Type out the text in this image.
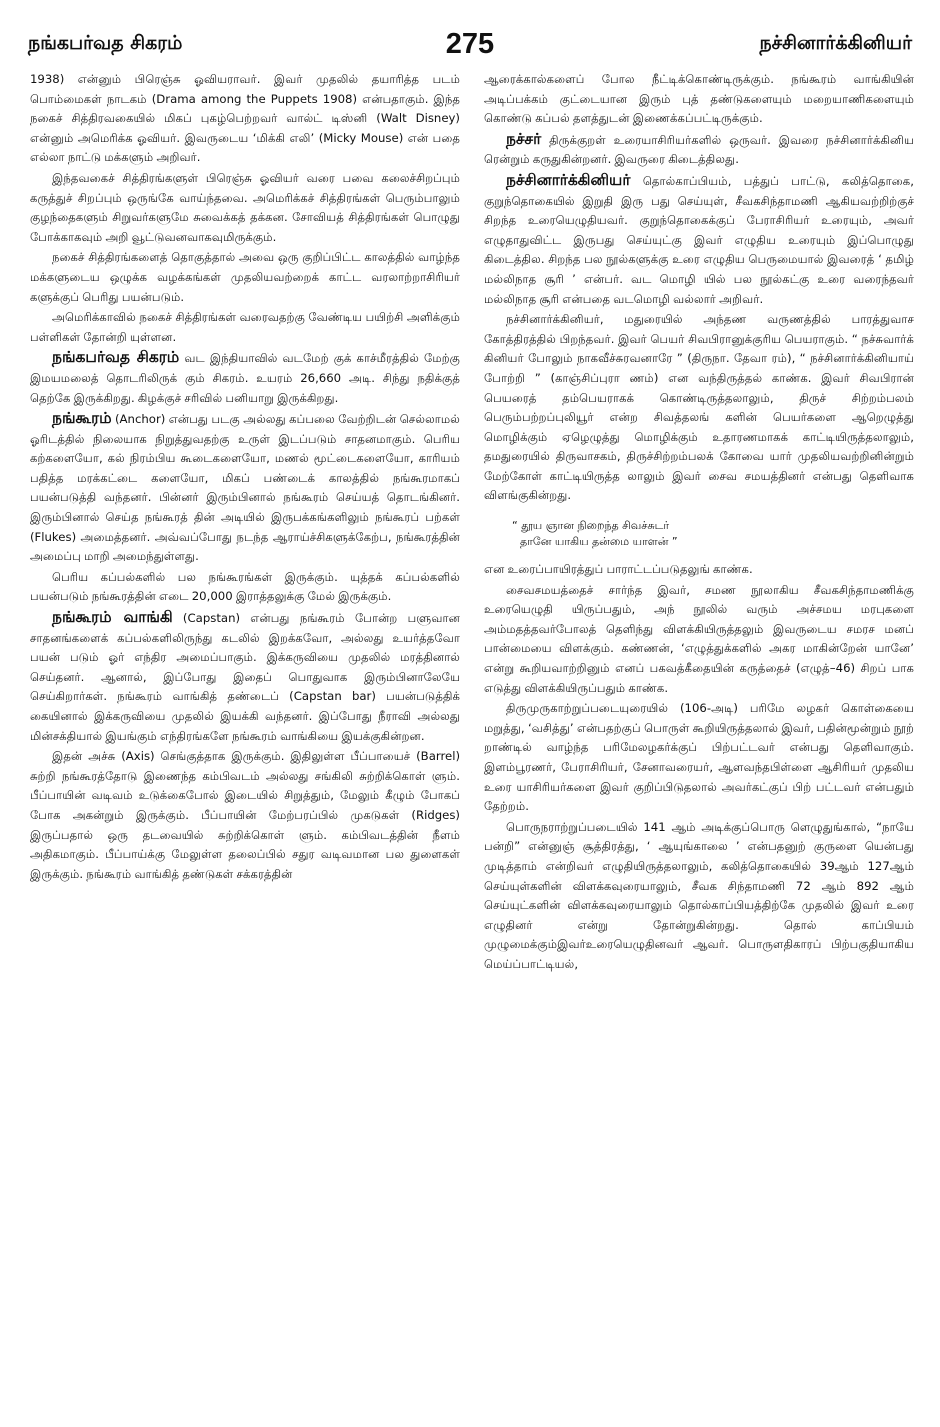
நங்கபர்வத சிகரம்	275	நச்சினார்க்கினியர்

1938) என்னும் பிரெஞ்சு ஓவியராவர். இவர் முதலில் தயாரித்த படம் பொம்மைகள் நாடகம் (Drama among the Puppets 1908) என்பதாகும். இந்த நகைச் சித்திரவகையில் மிகப் புகழ்பெற்றவர் வால்ட் டிஸ்னி (Walt Disney) என்னும் அமெரிக்க ஓவியர். இவருடைய ‘மிக்கி எலி’ (Micky Mouse) என் பதை எல்லா நாட்டு மக்களும் அறிவர்.

இந்தவகைச் சித்திரங்களுள் பிரெஞ்சு ஓவியர் வரை பவை கலைச்சிறப்பும் கருத்துச் சிறப்பும் ஒருங்கே வாய்ந்தவை. அமெரிக்கச் சித்திரங்கள் பெரும்பாலும் குழந்தைகளும் சிறுவர்களுமே சுவைக்கத் தக்கன. சோவியத் சித்திரங்கள் பொழுது போக்காகவும் அறி வூட்டுவனவாகவுமிருக்கும்.

நகைச் சித்திரங்களைத் தொகுத்தால் அவை ஒரு குறிப்பிட்ட காலத்தில் வாழ்ந்த மக்களுடைய ஒழுக்க வழக்கங்கள் முதலியவற்றைக் காட்ட வரலாற்றாசிரியர் களுக்குப் பெரிது பயன்படும்.

அமெரிக்காவில் நகைச் சித்திரங்கள் வரைவதற்கு வேண்டிய பயிற்சி அளிக்கும் பள்ளிகள் தோன்றி யுள்ளன.

நங்கபர்வத சிகரம் வட இந்தியாவில் வடமேற் குக் காச்மீரத்தில் மேற்கு இமயமலைத் தொடரிலிருக் கும் சிகரம். உயரம் 26,660 அடி. சிந்து நதிக்குத் தெற்கே இருக்கிறது. கிழக்குச் சரிவில் பனியாறு இருக்கிறது.

நங்கூரம் (Anchor) என்பது படகு அல்லது கப்பலை வேற்றிடன் செல்லாமல் ஓரிடத்தில் நிலையாக நிறுத்துவதற்கு உருள் இடப்படும் சாதனமாகும். பெரிய கற்களையோ, கல் நிரம்பிய கூடைகளையோ, மணல் மூட்டைகளையோ, காரியம் பதித்த மரக்கட்டை களையோ, மிகப் பண்டைக் காலத்தில் நங்கூரமாகப் பயன்படுத்தி வந்தனர். பின்னர் இரும்பினால் நங்கூரம் செய்யத் தொடங்கினர். இரும்பினால் செய்த நங்கூரத் தின் அடியில் இருபக்கங்களிலும் நங்கூரப் பற்கள் (Flukes) அமைத்தனர். அவ்வப்போது நடந்த ஆராய்ச்சிகளுக்கேற்ப, நங்கூரத்தின் அமைப்பு மாறி அமைந்துள்ளது.

பெரிய கப்பல்களில் பல நங்கூரங்கள் இருக்கும். யுத்தக் கப்பல்களில் பயன்படும் நங்கூரத்தின் எடை 20,000 இராத்தலுக்கு மேல் இருக்கும்.

நங்கூரம் வாங்கி (Capstan) என்பது நங்கூரம் போன்ற பளுவான சாதனங்களைக் கப்பல்களிலிருந்து கடலில் இறக்கவோ, அல்லது உயர்த்தவோ பயன் படும் ஓர் எந்திர அமைப்பாகும். இக்கருவியை முதலில் மரத்தினால் செய்தனர். ஆனால், இப்போது இதைப் பொதுவாக இரும்பினாலேயே செய்கிறார்கள். நங்கூரம் வாங்கித் தண்டைப் (Capstan bar) பயன்படுத்திக் கையினால் இக்கருவியை முதலில் இயக்கி வந்தனர். இப்போது நீராவி அல்லது மின்சக்தியால் இயங்கும் எந்திரங்களே நங்கூரம் வாங்கியை இயக்குகின்றன.

இதன் அச்சு (Axis) செங்குத்தாக இருக்கும். இதிலுள்ள பீப்பாயைச் (Barrel) சுற்றி நங்கூரத்தோடு இணைந்த கம்பிவடம் அல்லது சங்கிலி சுற்றிக்கொள் ளும். பீப்பாயின் வடிவம் உடுக்கைபோல் இடையில் சிறுத்தும், மேலும் கீழும் போகப் போக அகன்றும் இருக்கும். பீப்பாயின் மேற்பரப்பில் முகடுகள் (Ridges) இருப்பதால் ஒரு தடவையில் சுற்றிக்கொள் ளும். கம்பிவடத்தின் நீளம் அதிகமாகும். பீப்பாய்க்கு மேலுள்ள தலைப்பில் சதுர வடிவமான பல துளைகள் இருக்கும். நங்கூரம் வாங்கித் தண்டுகள் சக்கரத்தின்

ஆரைக்கால்களைப் போல நீட்டிக்கொண்டிருக்கும். நங்கூரம் வாங்கியின் அடிப்பக்கம் குட்டையான இரும் புத் தண்டுகளையும் மறையாணிகளையும் கொண்டு கப்பல் தளத்துடன் இணைக்கப்பட்டிருக்கும்.

நச்சர் திருக்குறள் உரையாசிரியர்களில் ஒருவர். இவரை நச்சினார்க்கினிய ரென்றும் கருதுகின்றனர். இவருரை கிடைத்திலது.

நச்சினார்க்கினியர் தொல்காப்பியம், பத்துப் பாட்டு, கலித்தொகை, குறுந்தொகையில் இறுதி இரு பது செய்யுள், சீவகசிந்தாமணி ஆகியவற்றிற்குச் சிறந்த உரையெழுதியவர். குறுந்தொகைக்குப் பேராசிரியர் உரையும், அவர் எழுதாதுவிட்ட இருபது செய்யுட்கு இவர் எழுதிய உரையும் இப்பொழுது கிடைத்தில. சிறந்த பல நூல்களுக்கு உரை எழுதிய பெருமையால் இவரைத் ‘ தமிழ் மல்லிநாத சூரி ’ என்பர். வட மொழி யில் பல நூல்கட்கு உரை வரைந்தவர் மல்லிநாத சூரி என்பதை வடமொழி வல்லார் அறிவர்.

நச்சினார்க்கினியர், மதுரையில் அந்தண வருணத்தில் பாரத்துவாச கோத்திரத்தில் பிறந்தவர். இவர் பெயர் சிவபிரானுக்குரிய பெயராகும். “ நச்சுவார்க் கினியர் போலும் நாகவீச்சுரவனாரே ” (திருநா. தேவா ரம்), “ நச்சினார்க்கினியாய் போற்றி ” (காஞ்சிப்புரா ணம்) என வந்திருத்தல் காண்க. இவர் சிவபிரான் பெயரைத் தம்பெயராகக் கொண்டிருத்தலாலும், திருச் சிற்றம்பலம் பெரும்பற்றப்புலியூர் என்ற சிவத்தலங் களின் பெயர்களை ஆறெழுத்து மொழிக்கும் ஏழெழுத்து மொழிக்கும் உதாரணமாகக் காட்டியிருத்தலாலும், தமதுரையில் திருவாசகம், திருச்சிற்றம்பலக் கோவை யார் முதலியவற்றினின்றும் மேற்கோள் காட்டியிருத்த லாலும் இவர் சைவ சமயத்தினர் என்பது தெளிவாக விளங்குகின்றது.

“ தூய ஞான நிறைந்த சிவச்சுடர்
தானே யாகிய தன்மை யாளன் ”

என உரைப்பாயிரத்துப் பாராட்டப்படுதலுங் காண்க.

சைவசமயத்தைச் சார்ந்த இவர், சமண நூலாகிய சீவகசிந்தாமணிக்கு உரையெழுதி யிருப்பதும், அந் நூலில் வரும் அச்சமய மரபுகளை அம்மதத்தவர்போலத் தெளிந்து விளக்கியிருத்தலும் இவருடைய சமரச மனப் பான்மையை விளக்கும். கண்ணன், ‘எழுத்துக்களில் அகர மாகின்றேன் யானே’ என்று கூறியவாற்றினும் எனப் பகவத்கீதையின் கருத்தைச் (எழுத்–46) சிறப் பாக எடுத்து விளக்கியிருப்பதும் காண்க.

திருமுருகாற்றுப்படையுரையில் (106-அடி) பரிமே லழகர் கொள்கையை மறுத்து, ‘வசித்து’ என்பதற்குப் பொருள் கூறியிருத்தலால் இவர், பதின்மூன்றும் நூற் றாண்டில் வாழ்ந்த பரிமேலழகர்க்குப் பிற்பட்டவர் என்பது தெளிவாகும். இளம்பூரணர், பேராசிரியர், சேனாவரையர், ஆளவந்தபிள்ளை ஆசிரியர் முதலிய உரை யாசிரியர்களை இவர் குறிப்பிடுதலால் அவர்கட்குப் பிற் பட்டவர் என்பதும் தேற்றம்.

பொருநராற்றுப்படையில் 141 ஆம் அடிக்குப்பொரு ளெழுதுங்கால், “நாயே பன்றி” என்னுஞ் சூத்திரத்து, ‘ ஆயுங்காலை ’ என்பதனுற் குருளை யென்பது முடித்தாம் என்றிவர் எழுதியிருத்தலாலும், கலித்தொகையில் 39ஆம் 127ஆம் செய்யுள்களின் விளக்கவுரையாலும், சீவக சிந்தாமணி 72 ஆம் 892 ஆம் செய்யுட்களின் விளக்கவுரையாலும் தொல்காப்பியத்திற்கே முதலில் இவர் உரை எழுதினர் என்று தோன்றுகின்றது. தொல் காப்பியம் முழுமைக்கும்இவர்உரையெழுதினவர் ஆவர். பொருளதிகாரப் பிற்பகுதியாகிய மெய்ப்பாட்டியல்,
